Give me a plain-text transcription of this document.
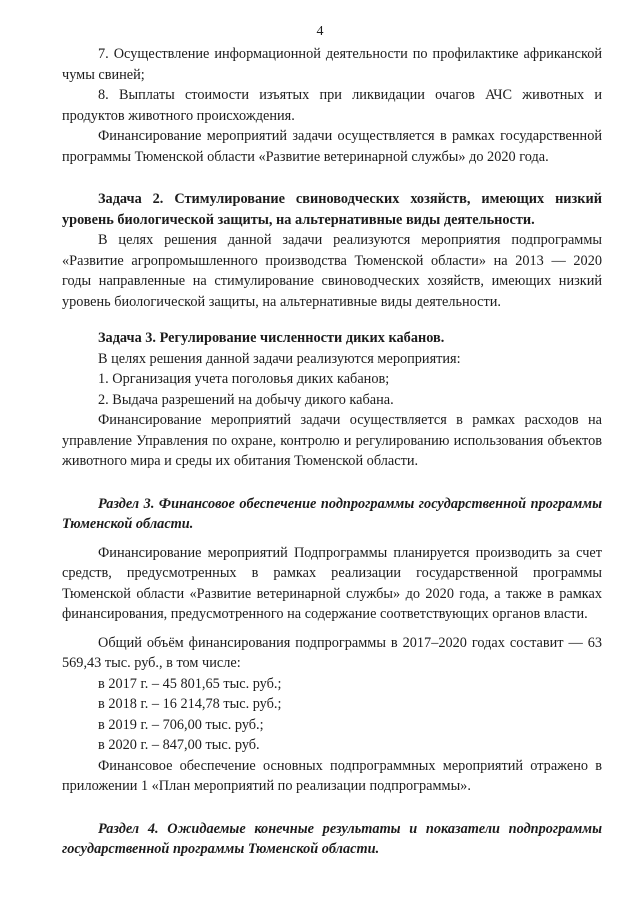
4

7. Осуществление информационной деятельности по профилактике африканской чумы свиней;

8. Выплаты стоимости изъятых при ликвидации очагов АЧС животных и продуктов животного происхождения.

Финансирование мероприятий задачи осуществляется в рамках государственной программы Тюменской области «Развитие ветеринарной службы» до 2020 года.

Задача 2. Стимулирование свиноводческих хозяйств, имеющих низкий уровень биологической защиты, на альтернативные виды деятельности.

В целях решения данной задачи реализуются мероприятия подпрограммы «Развитие агропромышленного производства Тюменской области» на 2013 — 2020 годы направленные на стимулирование свиноводческих хозяйств, имеющих низкий уровень биологической защиты, на альтернативные виды деятельности.

Задача 3. Регулирование численности диких кабанов.

В целях решения данной задачи реализуются мероприятия:

1. Организация учета поголовья диких кабанов;

2. Выдача разрешений на добычу дикого кабана.

Финансирование мероприятий задачи осуществляется в рамках расходов на управление Управления по охране, контролю и регулированию использования объектов животного мира и среды их обитания Тюменской области.

Раздел 3. Финансовое обеспечение подпрограммы государственной программы Тюменской области.

Финансирование мероприятий Подпрограммы планируется производить за счет средств, предусмотренных в рамках реализации государственной программы Тюменской области «Развитие ветеринарной службы» до 2020 года, а также в рамках финансирования, предусмотренного на содержание соответствующих органов власти.

Общий объём финансирования подпрограммы в 2017–2020 годах составит — 63 569,43 тыс. руб., в том числе:

в 2017 г. – 45 801,65 тыс. руб.;

в 2018 г. – 16 214,78 тыс. руб.;

в 2019 г. – 706,00 тыс. руб.;

в 2020 г. – 847,00 тыс. руб.

Финансовое обеспечение основных подпрограммных мероприятий отражено в приложении 1 «План мероприятий по реализации подпрограммы».

Раздел 4. Ожидаемые конечные результаты и показатели подпрограммы государственной программы Тюменской области.
